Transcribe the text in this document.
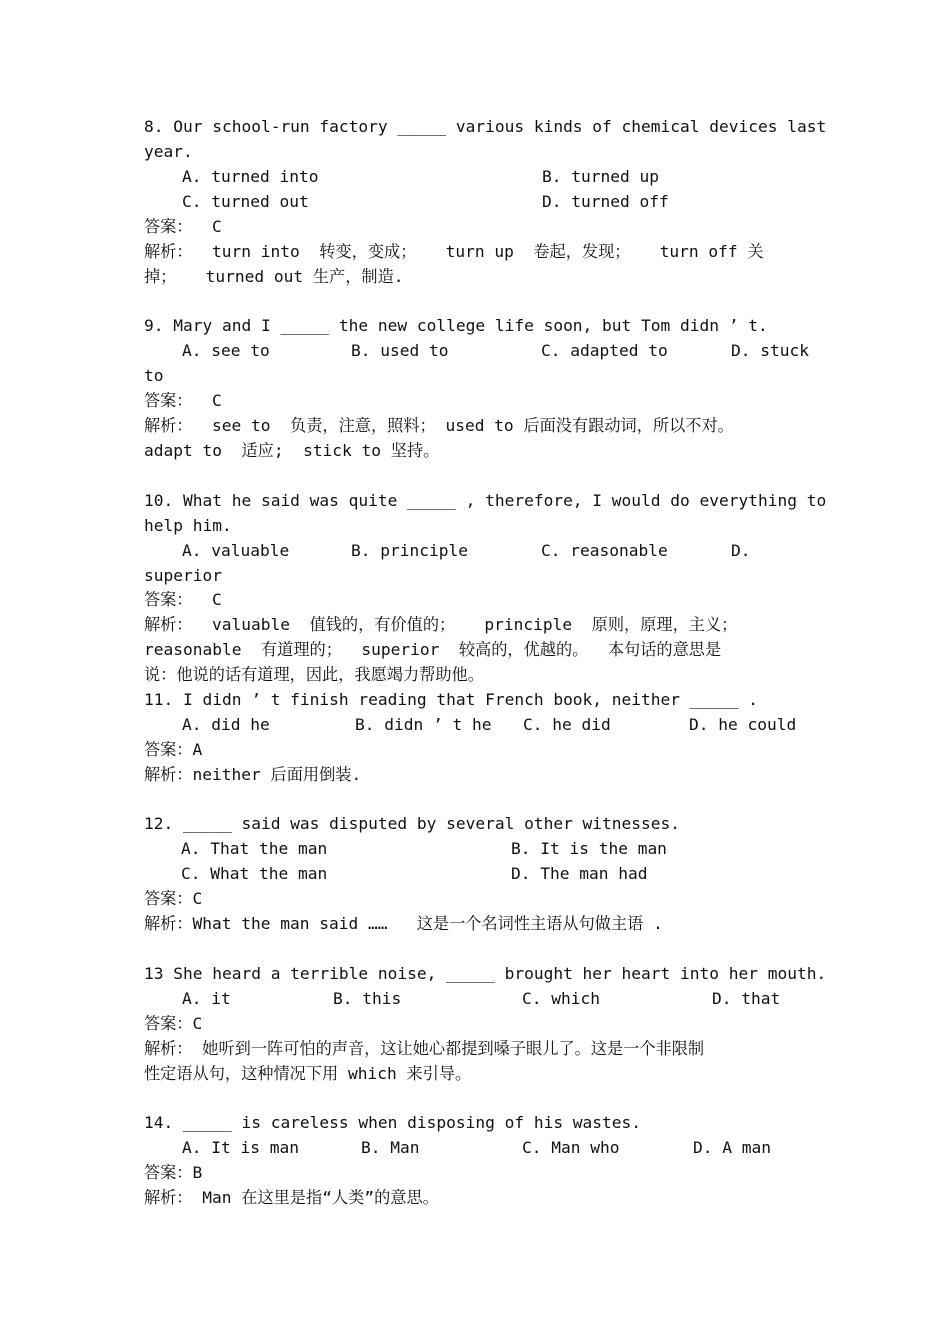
8. Our school-run factory _____ various kinds of chemical devices last
year.
A. turned into	B. turned up
C. turned out	D. turned off
答案：  C
解析：  turn into  转变，变成；   turn up  卷起，发现；   turn off 关
掉；   turned out 生产，制造.
9. Mary and I _____ the new college life soon, but Tom didn ’ t.
A. see to	B. used to	C. adapted to	D. stuck
to
答案：  C
解析：  see to  负责，注意，照料； used to 后面没有跟动词，所以不对。
adapt to  适应;  stick to 坚持。
10. What he said was quite _____ , therefore, I would do everything to
help him.
A. valuable	B. principle	C. reasonable	D.
superior
答案：  C
解析：  valuable  值钱的，有价值的；   principle  原则，原理，主义；
reasonable  有道理的；  superior  较高的，优越的。  本句话的意思是
说：他说的话有道理，因此，我愿竭力帮助他。
11. I didn ’ t finish reading that French book, neither _____ .
A. did he	B. didn ’ t he C. he did	D. he could
答案：A
解析：neither 后面用倒装.
12. _____ said was disputed by several other witnesses.
A. That the man	B. It is the man
C. What the man	D. The man had
答案：C
解析：What the man said ……   这是一个名词性主语从句做主语 .
13 She heard a terrible noise, _____ brought her heart into her mouth.
A. it	B. this	C. which	D. that
答案：C
解析： 她听到一阵可怕的声音，这让她心都提到嗓子眼儿了。这是一个非限制
性定语从句，这种情况下用 which 来引导。
14. _____ is careless when disposing of his wastes.
A. It is man	B. Man	C. Man who	D. A man
答案：B
解析： Man 在这里是指“人类”的意思。
